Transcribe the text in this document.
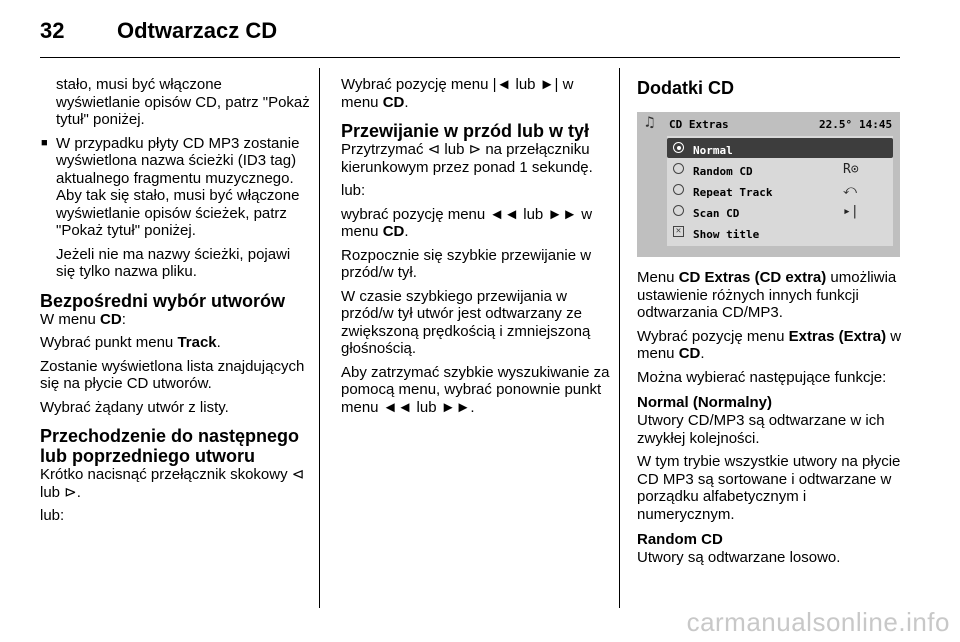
32 Odtwarzacz CD

stało, musi być włączone wyświetlanie opisów CD, patrz "Pokaż tytuł" poniżej.

■ W przypadku płyty CD MP3 zostanie wyświetlona nazwa ścieżki (ID3 tag) aktualnego fragmentu muzycznego. Aby tak się stało, musi być włączone wyświetlanie opisów ścieżek, patrz "Pokaż tytuł" poniżej.

Jeżeli nie ma nazwy ścieżki, pojawi się tylko nazwa pliku.

Bezpośredni wybór utworów

W menu CD:

Wybrać punkt menu Track.

Zostanie wyświetlona lista znajdujących się na płycie CD utworów.

Wybrać żądany utwór z listy.

Przechodzenie do następnego lub poprzedniego utworu

Krótko nacisnąć przełącznik skokowy ⊲ lub ⊳.

lub:

Wybrać pozycję menu |◄ lub ►| w menu CD.

Przewijanie w przód lub w tył

Przytrzymać ⊲ lub ⊳ na przełączniku kierunkowym przez ponad 1 sekundę.

lub:

wybrać pozycję menu ◄◄ lub ►► w menu CD.

Rozpocznie się szybkie przewijanie w przód/w tył.

W czasie szybkiego przewijania w przód/w tył utwór jest odtwarzany ze zwiększoną prędkością i zmniejszoną głośnością.

Aby zatrzymać szybkie wyszukiwanie za pomocą menu, wybrać ponownie punkt menu ◄◄ lub ►►.

Dodatki CD
♫ CD Extras	22.5° 14:45
Normal
Random CD	R⊙
Repeat Track	⤺
Scan CD	▸|
✕ Show title

Menu CD Extras (CD extra) umożliwia ustawienie różnych innych funkcji odtwarzania CD/MP3.

Wybrać pozycję menu Extras (Extra) w menu CD.

Można wybierać następujące funkcje:

Normal (Normalny)

Utwory CD/MP3 są odtwarzane w ich zwykłej kolejności.

W tym trybie wszystkie utwory na płycie CD MP3 są sortowane i odtwarzane w porządku alfabetycznym i numerycznym.

Random CD

Utwory są odtwarzane losowo.

carmanualsonline.info
